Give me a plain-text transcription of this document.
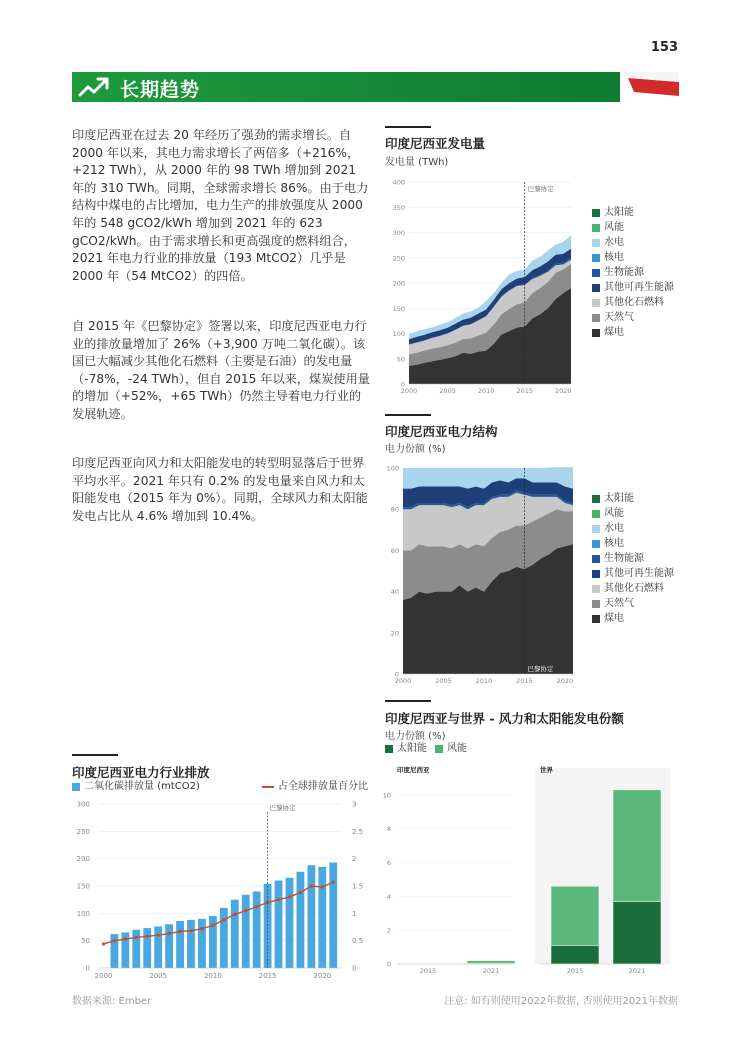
153
长期趋势
印度尼西亚在过去 20 年经历了强劲的需求增长。自 2000 年以来，其电力需求增长了两倍多（+216%，+212 TWh），从 2000 年的 98 TWh 增加到 2021 年的 310 TWh。同期，全球需求增长 86%。由于电力结构中煤电的占比增加，电力生产的排放强度从 2000 年的 548 gCO2/kWh 增加到 2021 年的 623 gCO2/kWh。由于需求增长和更高强度的燃料组合，2021 年电力行业的排放量（193 MtCO2）几乎是 2000 年（54 MtCO2）的四倍。
自 2015 年《巴黎协定》签署以来，印度尼西亚电力行业的排放量增加了 26%（+3,900 万吨二氧化碳）。该国已大幅减少其他化石燃料（主要是石油）的发电量（-78%，-24 TWh），但自 2015 年以来，煤炭使用量的增加（+52%，+65 TWh）仍然主导着电力行业的发展轨迹。
印度尼西亚向风力和太阳能发电的转型明显落后于世界平均水平。2021 年只有 0.2% 的发电量来自风力和太阳能发电（2015 年为 0%）。同期，全球风力和太阳能发电占比从 4.6% 增加到 10.4%。
印度尼西亚发电量
发电量 (TWh)
0
50
100
150
200
250
300
350
400
2000	2005	2010	2015	2020
巴黎协定
太阳能
风能
水电
核电
生物能源
其他可再生能源
其他化石燃料
天然气
煤电
印度尼西亚电力结构
电力份额 (%)
0
20
40
60
80
100
2000	2005	2010	2015	2020
巴黎协定
太阳能
风能
水电
核电
生物能源
其他可再生能源
其他化石燃料
天然气
煤电
印度尼西亚与世界 - 风力和太阳能发电份额
电力份额 (%)
太阳能 风能
0
2
4
6
8
10
印度尼西亚
2015	2021
世界
2015	2021
印度尼西亚电力行业排放
二氧化碳排放量 (mtCO2)	占全球排放量百分比
0
50
100
150
200
250
300
0
0.5
1
1.5
2
2.5
3
2000	2005	2010	2015	2020
巴黎协定
数据来源: Ember	注意: 如有则使用2022年数据, 否则使用2021年数据
